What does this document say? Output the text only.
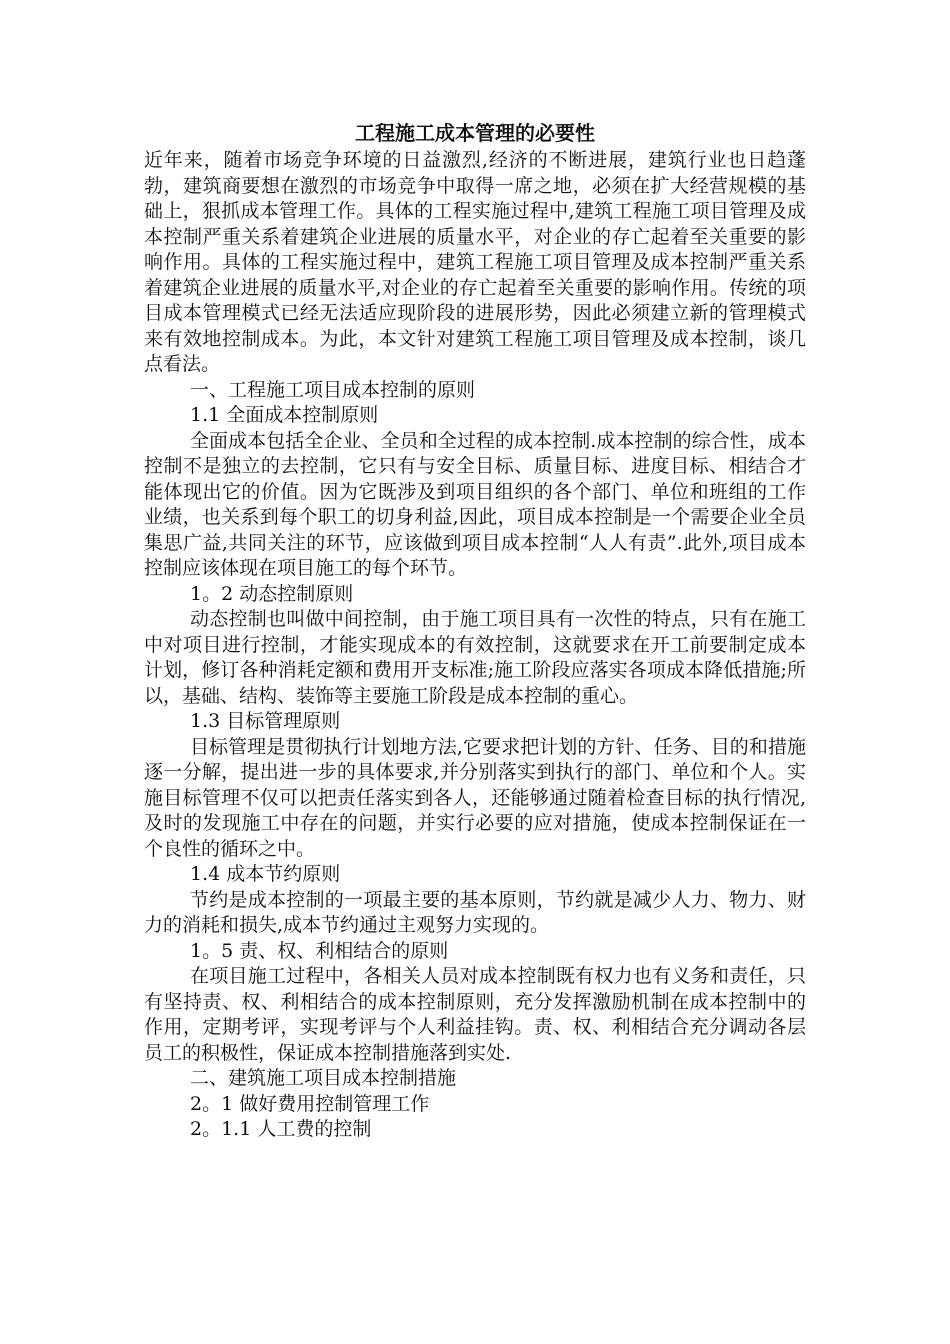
工程施工成本管理的必要性

近年来，随着市场竞争环境的日益激烈,经济的不断进展，建筑行业也日趋蓬勃，建筑商要想在激烈的市场竞争中取得一席之地，必须在扩大经营规模的基础上，狠抓成本管理工作。具体的工程实施过程中,建筑工程施工项目管理及成本控制严重关系着建筑企业进展的质量水平，对企业的存亡起着至关重要的影响作用。具体的工程实施过程中，建筑工程施工项目管理及成本控制严重关系着建筑企业进展的质量水平,对企业的存亡起着至关重要的影响作用。传统的项目成本管理模式已经无法适应现阶段的进展形势，因此必须建立新的管理模式来有效地控制成本。为此，本文针对建筑工程施工项目管理及成本控制，谈几点看法。

一、工程施工项目成本控制的原则

1.1 全面成本控制原则

全面成本包括全企业、全员和全过程的成本控制.成本控制的综合性，成本控制不是独立的去控制，它只有与安全目标、质量目标、进度目标、相结合才能体现出它的价值。因为它既涉及到项目组织的各个部门、单位和班组的工作业绩，也关系到每个职工的切身利益,因此，项目成本控制是一个需要企业全员集思广益,共同关注的环节，应该做到项目成本控制“人人有责”.此外,项目成本控制应该体现在项目施工的每个环节。

1。2 动态控制原则

动态控制也叫做中间控制，由于施工项目具有一次性的特点，只有在施工中对项目进行控制，才能实现成本的有效控制，这就要求在开工前要制定成本计划，修订各种消耗定额和费用开支标准;施工阶段应落实各项成本降低措施;所以，基础、结构、装饰等主要施工阶段是成本控制的重心。

1.3 目标管理原则

目标管理是贯彻执行计划地方法,它要求把计划的方针、任务、目的和措施逐一分解，提出进一步的具体要求,并分别落实到执行的部门、单位和个人。实施目标管理不仅可以把责任落实到各人，还能够通过随着检查目标的执行情况,及时的发现施工中存在的问题，并实行必要的应对措施，使成本控制保证在一个良性的循环之中。

1.4 成本节约原则

节约是成本控制的一项最主要的基本原则，节约就是减少人力、物力、财力的消耗和损失,成本节约通过主观努力实现的。

1。5 责、权、利相结合的原则

在项目施工过程中，各相关人员对成本控制既有权力也有义务和责任，只有坚持责、权、利相结合的成本控制原则，充分发挥激励机制在成本控制中的作用，定期考评，实现考评与个人利益挂钩。责、权、利相结合充分调动各层员工的积极性，保证成本控制措施落到实处.

二、建筑施工项目成本控制措施

2。1 做好费用控制管理工作

2。1.1 人工费的控制
